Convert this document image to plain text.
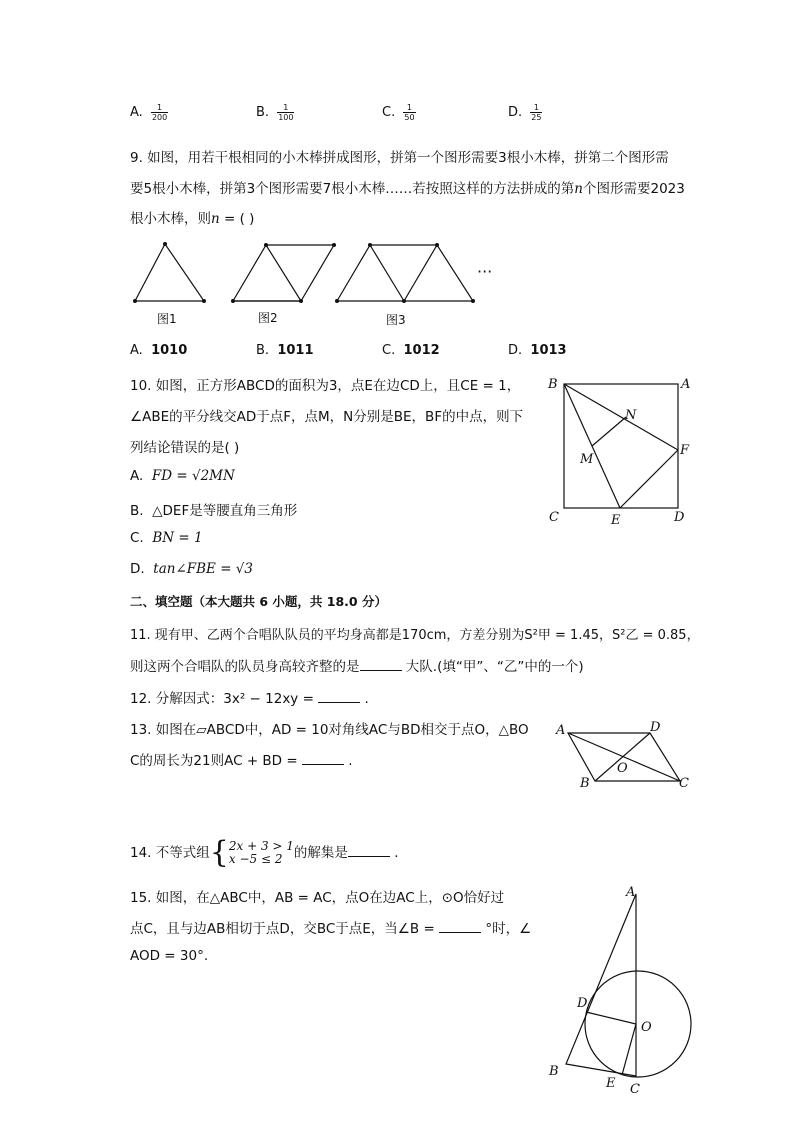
A. $\frac{1}{200}$	B. $\frac{1}{100}$	C. $\frac{1}{50}$	D. $\frac{1}{25}$
9. 如图，用若干根相同的小木棒拼成图形，拼第一个图形需要3根小木棒，拼第二个图形需
要5根小木棒，拼第3个图形需要7根小木棒……若按照这样的方法拼成的第n个图形需要2023
根小木棒，则n = ( )
图1	图2	图3
···
A. 1010	B. 1011	C. 1012	D. 1013
10. 如图，正方形ABCD的面积为3，点E在边CD上，且CE = 1，
∠ABE的平分线交AD于点F，点M，N分别是BE，BF的中点，则下
列结论错误的是( )
A. FD = √2MN
B. △DEF是等腰直角三角形
C. BN = 1
D. tan∠FBE = √3
B	A
N
M
F
C	E	D
二、填空题（本大题共 6 小题，共 18.0 分）
11. 现有甲、乙两个合唱队队员的平均身高都是170cm，方差分别为S²甲 = 1.45，S²乙 = 0.85，
则这两个合唱队的队员身高较齐整的是	大队.(填“甲”、“乙”中的一个)
12. 分解因式：3x² − 12xy =	.
13. 如图在▱ABCD中，AD = 10对角线AC与BD相交于点O，△BO
C的周长为21则AC + BD =	.
A	D
O
B	C
14. 不等式组{ 2x + 3 > 1
x −5 ≤ 2 的解集是	.
15. 如图，在△ABC中，AB = AC，点O在边AC上，⊙O恰好过
点C，且与边AB相切于点D，交BC于点E，当∠B =	°时，∠
AOD = 30°.
A
D
O
B
E C
